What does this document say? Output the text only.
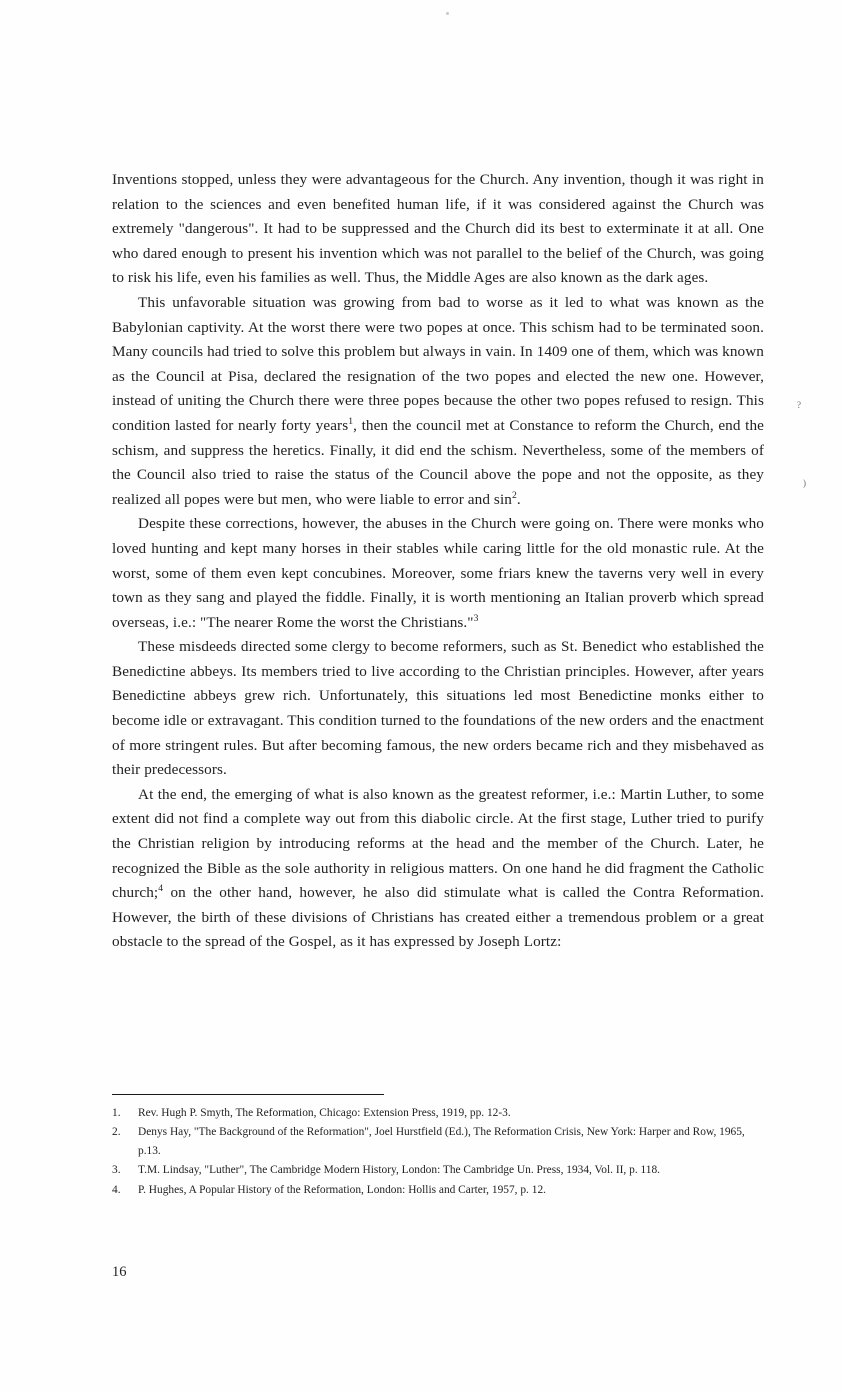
Inventions stopped, unless they were advantageous for the Church. Any invention, though it was right in relation to the sciences and even benefited human life, if it was considered against the Church was extremely "dangerous". It had to be suppressed and the Church did its best to exterminate it at all. One who dared enough to present his invention which was not parallel to the belief of the Church, was going to risk his life, even his families as well. Thus, the Middle Ages are also known as the dark ages.

This unfavorable situation was growing from bad to worse as it led to what was known as the Babylonian captivity. At the worst there were two popes at once. This schism had to be terminated soon. Many councils had tried to solve this problem but always in vain. In 1409 one of them, which was known as the Council at Pisa, declared the resignation of the two popes and elected the new one. However, instead of uniting the Church there were three popes because the other two popes refused to resign. This condition lasted for nearly forty years$^1$, then the council met at Constance to reform the Church, end the schism, and suppress the heretics. Finally, it did end the schism. Nevertheless, some of the members of the Council also tried to raise the status of the Council above the pope and not the opposite, as they realized all popes were but men, who were liable to error and $\sin^2$.

Despite these corrections, however, the abuses in the Church were going on. There were monks who loved hunting and kept many horses in their stables while caring little for the old monastic rule. At the worst, some of them even kept concubines. Moreover, some friars knew the taverns very well in every town as they sang and played the fiddle. Finally, it is worth mentioning an Italian proverb which spread overseas, i.e.: "The nearer Rome the worst the Christians."$^3$

These misdeeds directed some clergy to become reformers, such as St. Benedict who established the Benedictine abbeys. Its members tried to live according to the Christian principles. However, after years Benedictine abbeys grew rich. Unfortunately, this situations led most Benedictine monks either to become idle or extravagant. This condition turned to the foundations of the new orders and the enactment of more stringent rules. But after becoming famous, the new orders became rich and they misbehaved as their predecessors.

At the end, the emerging of what is also known as the greatest reformer, i.e.: Martin Luther, to some extent did not find a complete way out from this diabolic circle. At the first stage, Luther tried to purify the Christian religion by introducing reforms at the head and the member of the Church. Later, he recognized the Bible as the sole authority in religious matters. On one hand he did fragment the Catholic church;$^4$ on the other hand, however, he also did stimulate what is called the Contra Reformation. However, the birth of these divisions of Christians has created either a tremendous problem or a great obstacle to the spread of the Gospel, as it has expressed by Joseph Lortz:

1.	Rev. Hugh P. Smyth, The Reformation, Chicago: Extension Press, 1919, pp. 12-3.
2.	Denys Hay, "The Background of the Reformation", Joel Hurstfield (Ed.), The Reformation Crisis, New York: Harper and Row, 1965, p.13.
3.	T.M. Lindsay, "Luther", The Cambridge Modern History, London: The Cambridge Un. Press, 1934, Vol. II, p. 118.
4.	P. Hughes, A Popular History of the Reformation, London: Hollis and Carter, 1957, p. 12.
16
?
)
